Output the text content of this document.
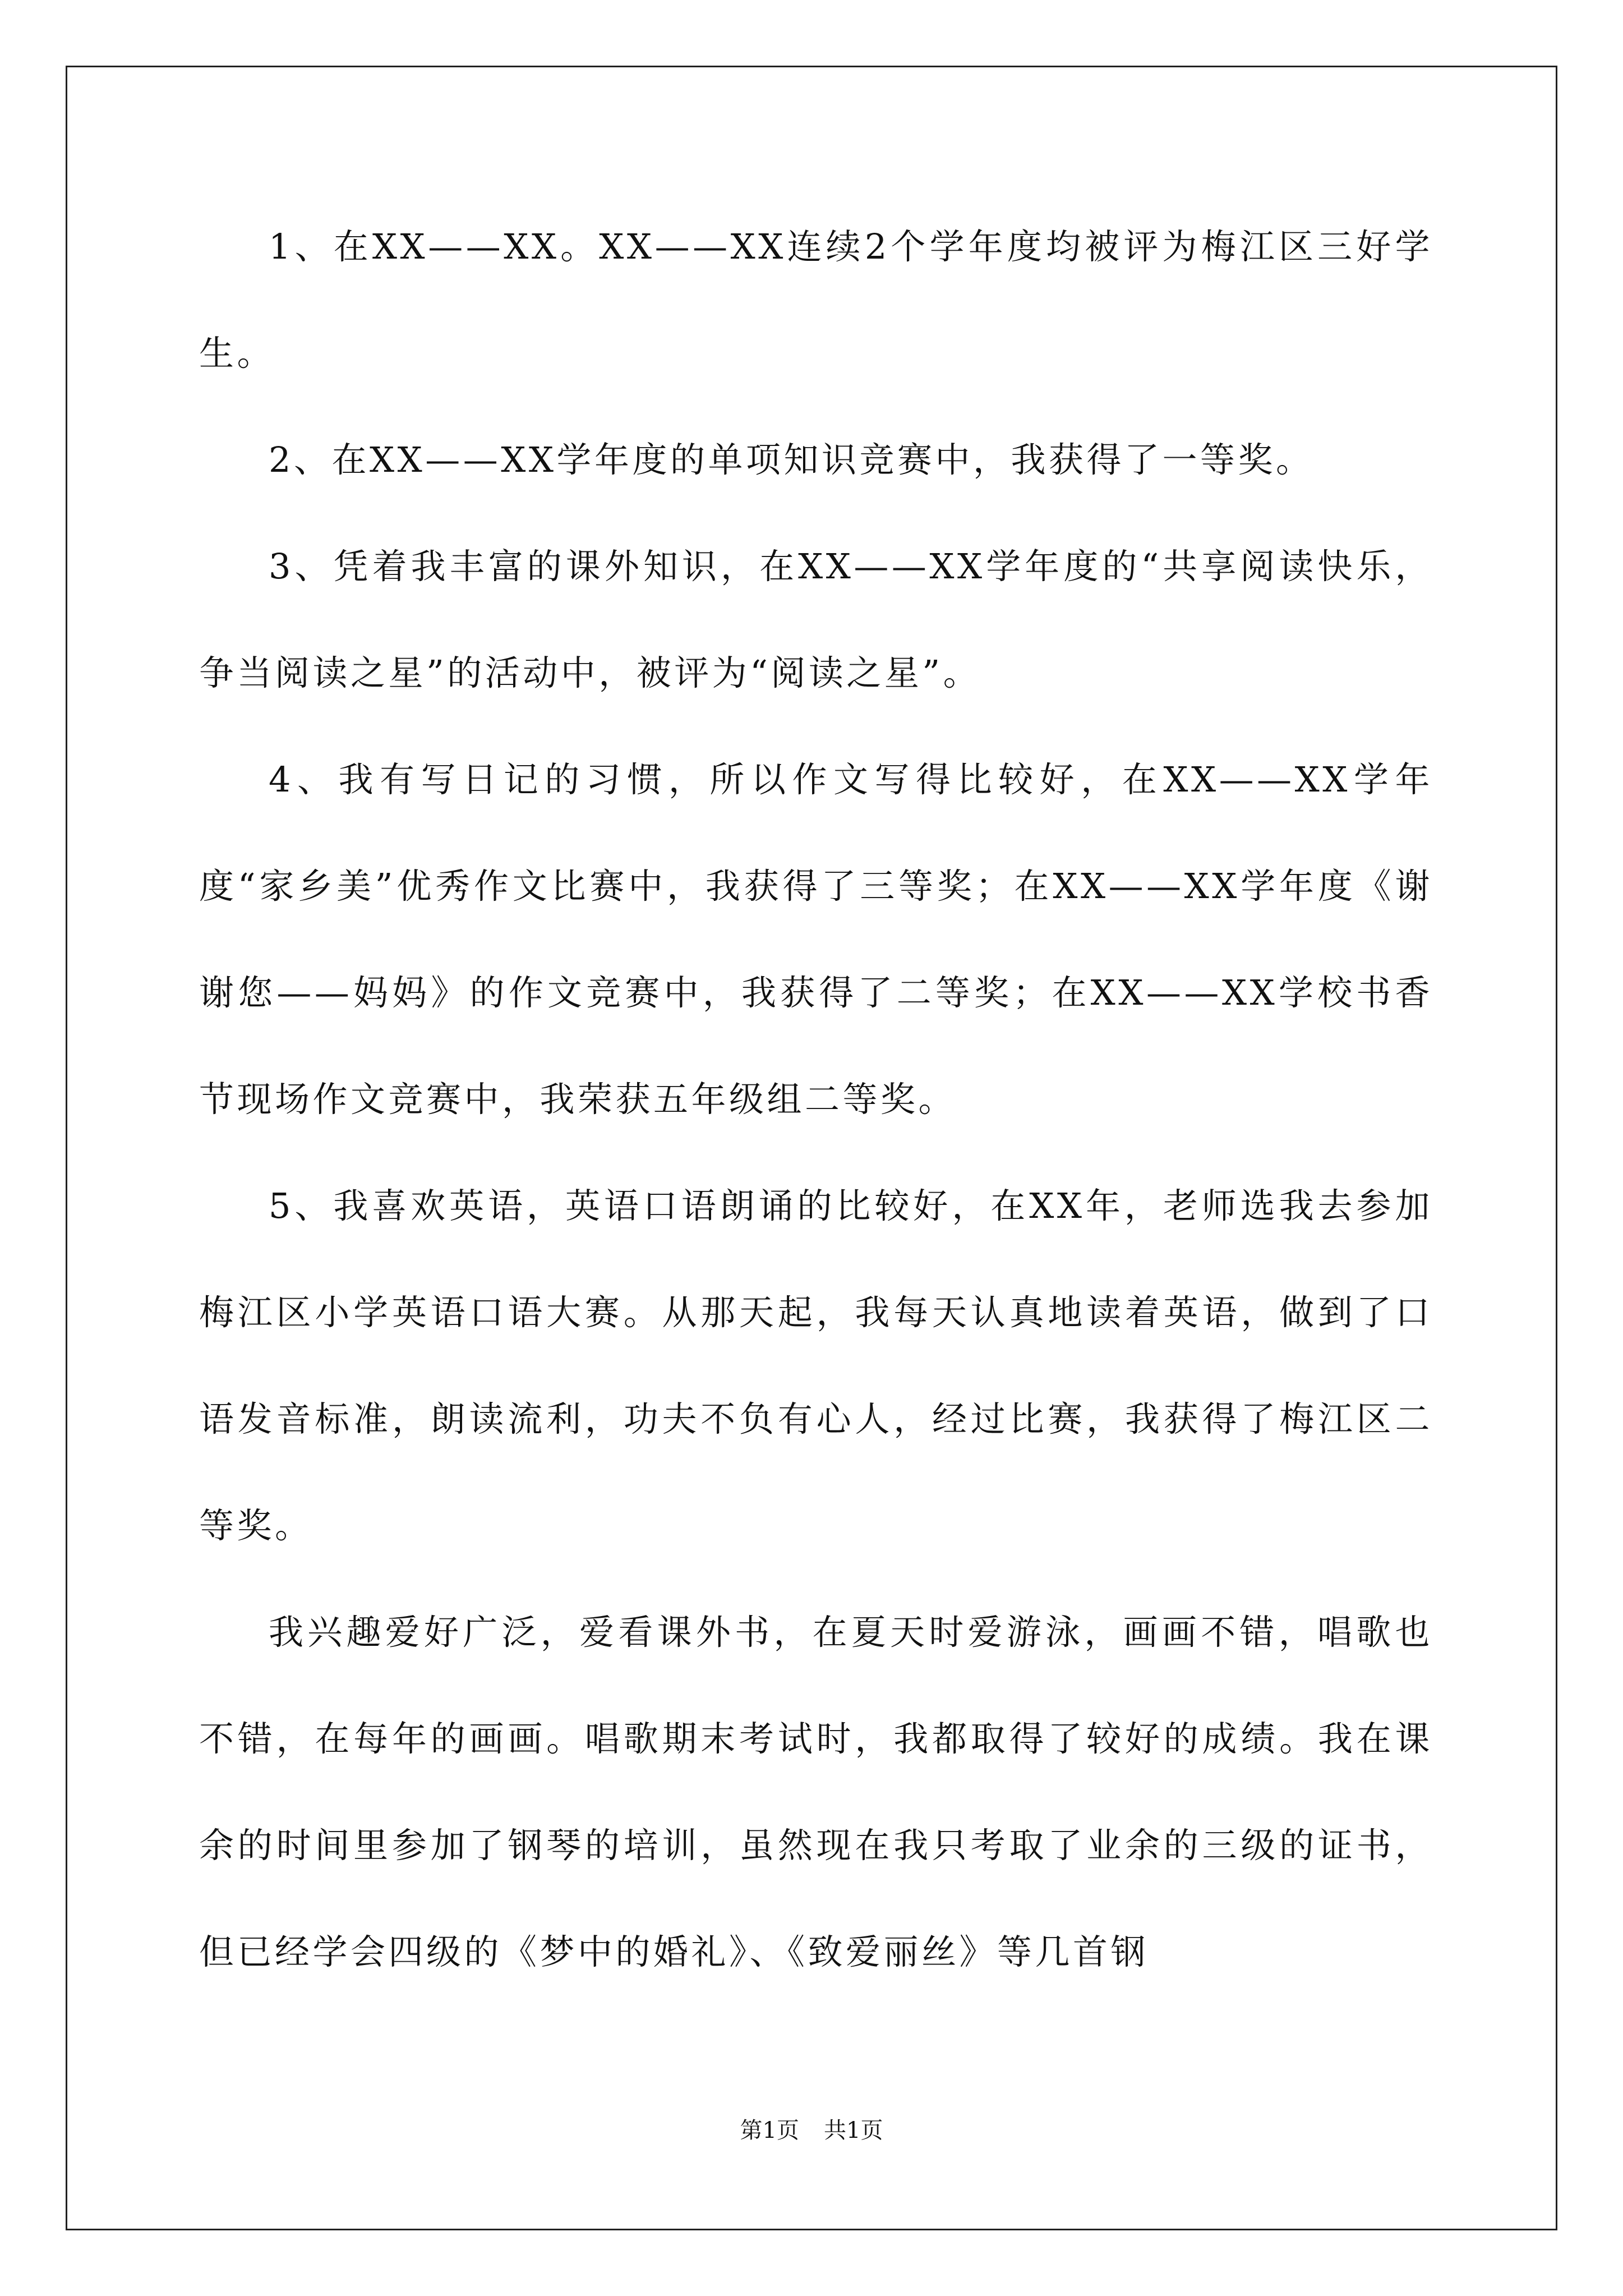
1、在XX——XX。XX——XX连续2个学年度均被评为梅江区三好学生。

2、在XX——XX学年度的单项知识竞赛中，我获得了一等奖。

3、凭着我丰富的课外知识，在XX——XX学年度的“共享阅读快乐，争当阅读之星”的活动中，被评为“阅读之星”。

4、我有写日记的习惯，所以作文写得比较好，在XX——XX学年度“家乡美”优秀作文比赛中，我获得了三等奖；在XX——XX学年度《谢谢您——妈妈》的作文竞赛中，我获得了二等奖；在XX——XX学校书香节现场作文竞赛中，我荣获五年级组二等奖。

5、我喜欢英语，英语口语朗诵的比较好，在XX年，老师选我去参加梅江区小学英语口语大赛。从那天起，我每天认真地读着英语，做到了口语发音标准，朗读流利，功夫不负有心人，经过比赛，我获得了梅江区二等奖。

我兴趣爱好广泛，爱看课外书，在夏天时爱游泳，画画不错，唱歌也不错，在每年的画画。唱歌期末考试时，我都取得了较好的成绩。我在课余的时间里参加了钢琴的培训，虽然现在我只考取了业余的三级的证书，但已经学会四级的《梦中的婚礼》、《致爱丽丝》等几首钢

第1页 共1页
